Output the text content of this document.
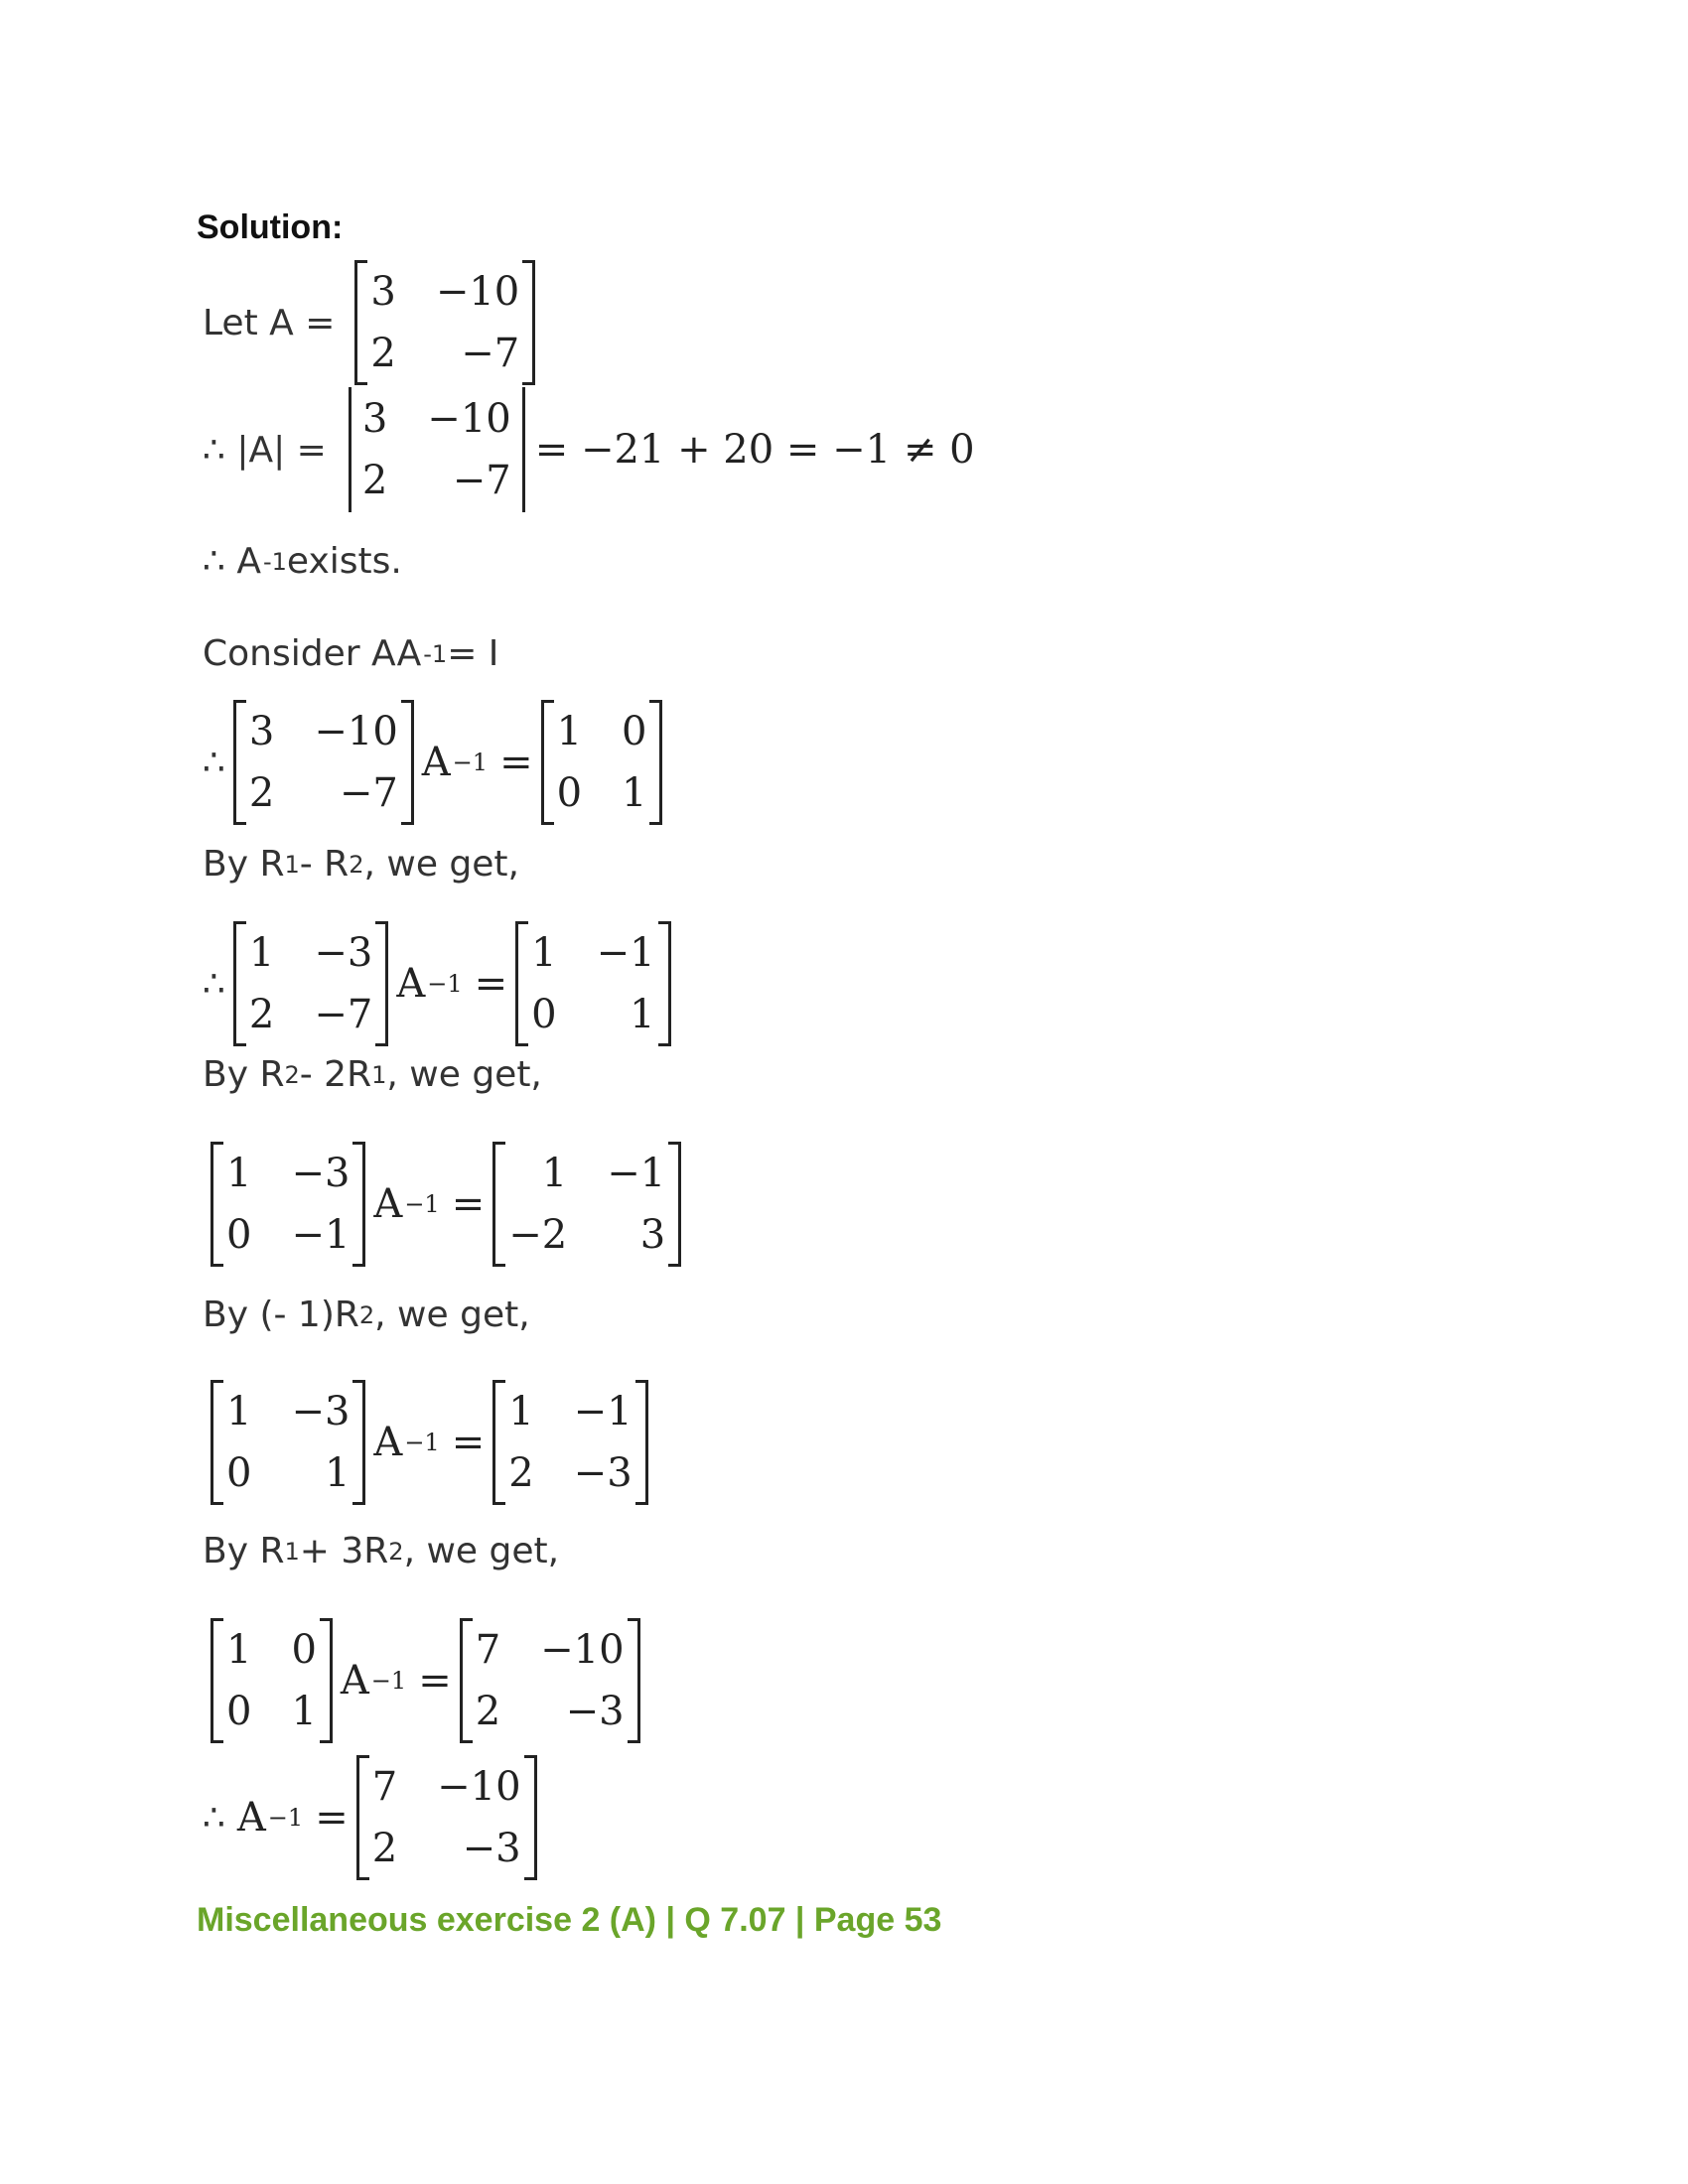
Solution:
Let A =
3 −10
2	−7
∴ |A| =
3 −10
2	−7
= −21 + 20 = −1 ≠ 0
∴ A -1 exists.
Consider AA -1 = I
∴
3 −10
2	−7
A −1 =
1 0
0 1
By R 1 - R 2 , we get,
∴
1 −3
2 −7
A −1 =
1 −1
0	1
By R 2 - 2R 1 , we get,
1 −3
0 −1
A −1 =
1 −1
−2	3
By (- 1)R 2 , we get,
1 −3
0	1
A −1 =
1 −1
2 −3
By R 1 + 3R 2 , we get,
1 0
0 1
A −1 =
7 −10
2	−3
∴ A −1 =
7 −10
2	−3
Miscellaneous exercise 2 (A) | Q 7.07 | Page 53
